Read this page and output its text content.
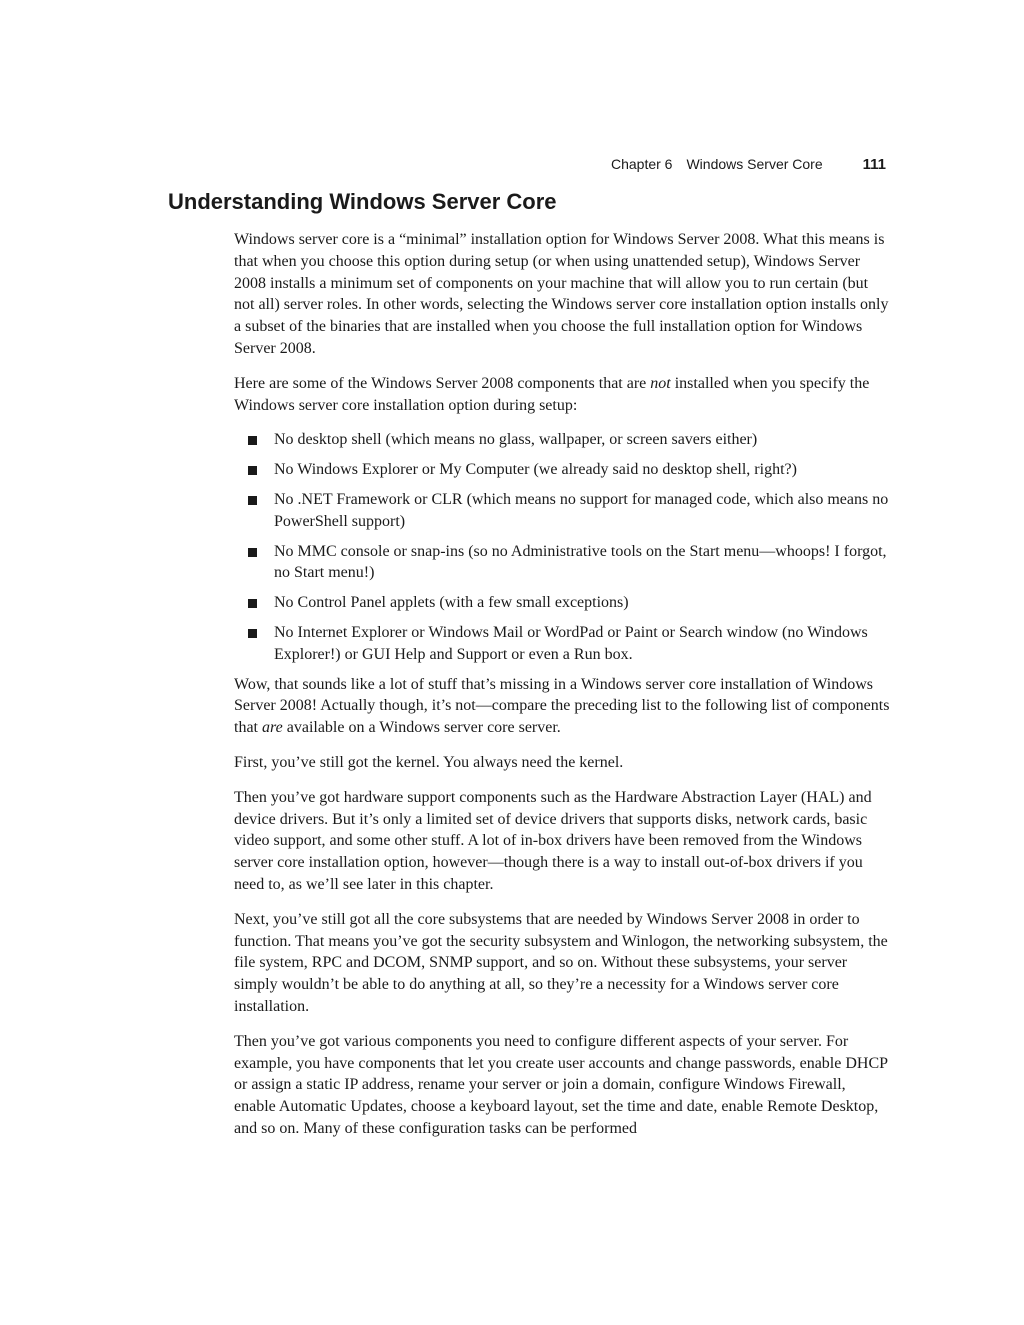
Chapter 6 Windows Server Core	111
Understanding Windows Server Core

Windows server core is a “minimal” installation option for Windows Server 2008. What this means is that when you choose this option during setup (or when using unattended setup), Windows Server 2008 installs a minimum set of components on your machine that will allow you to run certain (but not all) server roles. In other words, selecting the Windows server core installation option installs only a subset of the binaries that are installed when you choose the full installation option for Windows Server 2008.

Here are some of the Windows Server 2008 components that are not installed when you specify the Windows server core installation option during setup:

No desktop shell (which means no glass, wallpaper, or screen savers either)
No Windows Explorer or My Computer (we already said no desktop shell, right?)
No .NET Framework or CLR (which means no support for managed code, which also means no PowerShell support)
No MMC console or snap-ins (so no Administrative tools on the Start menu—whoops! I forgot, no Start menu!)
No Control Panel applets (with a few small exceptions)
No Internet Explorer or Windows Mail or WordPad or Paint or Search window (no Windows Explorer!) or GUI Help and Support or even a Run box.

Wow, that sounds like a lot of stuff that’s missing in a Windows server core installation of Windows Server 2008! Actually though, it’s not—compare the preceding list to the following list of components that are available on a Windows server core server.

First, you’ve still got the kernel. You always need the kernel.

Then you’ve got hardware support components such as the Hardware Abstraction Layer (HAL) and device drivers. But it’s only a limited set of device drivers that supports disks, network cards, basic video support, and some other stuff. A lot of in-box drivers have been removed from the Windows server core installation option, however—though there is a way to install out-of-box drivers if you need to, as we’ll see later in this chapter.

Next, you’ve still got all the core subsystems that are needed by Windows Server 2008 in order to function. That means you’ve got the security subsystem and Winlogon, the networking subsystem, the file system, RPC and DCOM, SNMP support, and so on. Without these subsystems, your server simply wouldn’t be able to do anything at all, so they’re a necessity for a Windows server core installation.

Then you’ve got various components you need to configure different aspects of your server. For example, you have components that let you create user accounts and change passwords, enable DHCP or assign a static IP address, rename your server or join a domain, configure Windows Firewall, enable Automatic Updates, choose a keyboard layout, set the time and date, enable Remote Desktop, and so on. Many of these configuration tasks can be performed
